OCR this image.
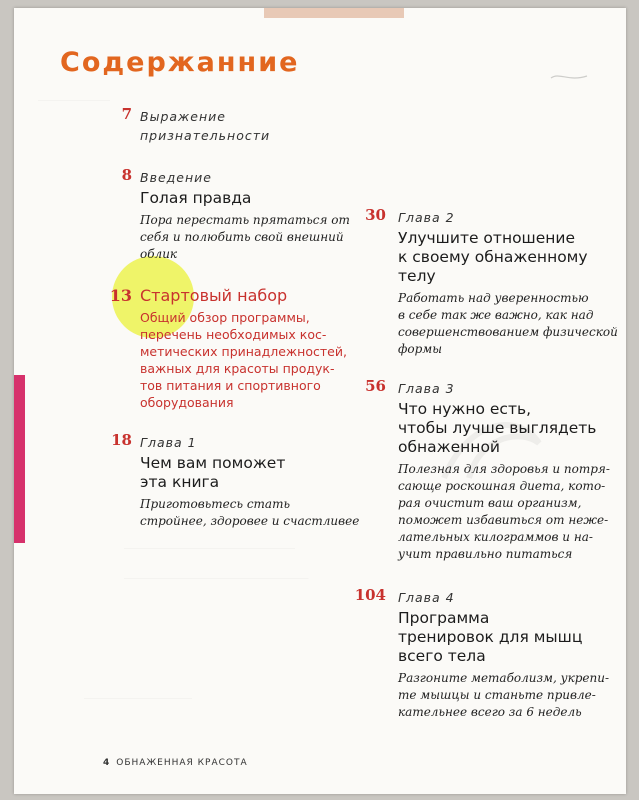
________________
______________________________________
_________________________________________
________________________
Содержанние
7 Выражение
признательности
8 Введение
Голая правда
Пора перестать прятаться от
себя и полюбить свой внешний
облик
13 Стартовый набор
Общий обзор программы,
перечень необходимых кос-
метических принадлежностей,
важных для красоты продук-
тов питания и спортивного
оборудования
18 Глава 1
Чем вам поможет
эта книга
Приготовьтесь стать
стройнее, здоровее и счастливее
30 Глава 2
Улучшите отношение
к своему обнаженному
телу
Работать над уверенностью
в себе так же важно, как над
совершенствованием физической
формы
56 Глава 3
Что нужно есть,
чтобы лучше выглядеть
обнаженной
Полезная для здоровья и потря-
сающе роскошная диета, кото-
рая очистит ваш организм,
поможет избавиться от неже-
лательных килограммов и на-
учит правильно питаться
104 Глава 4
Программа
тренировок для мышц
всего тела
Разгоните метаболизм, укрепи-
те мышцы и станьте привле-
кательнее всего за 6 недель
4 ОБНАЖЕННАЯ КРАСОТА
